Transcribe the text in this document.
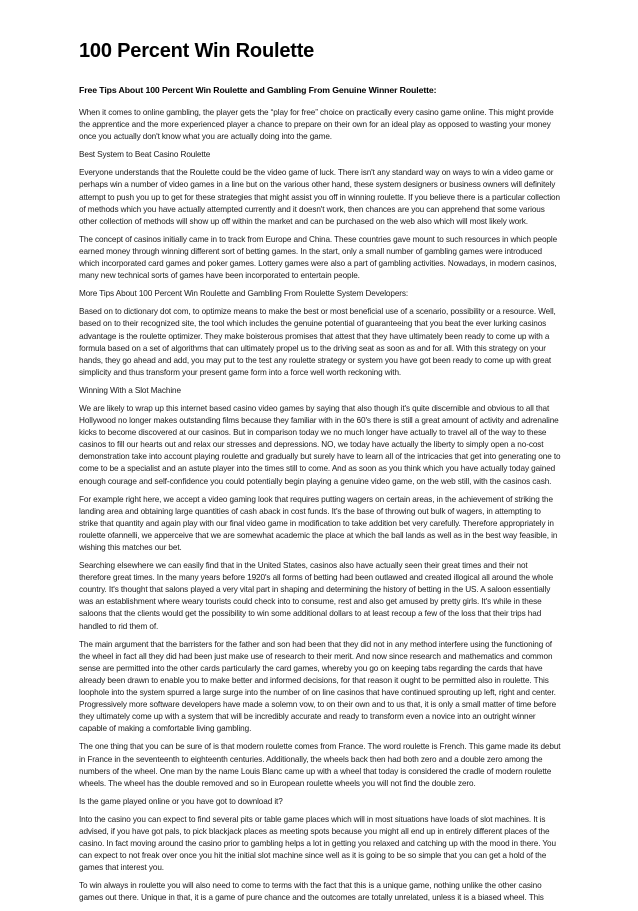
100 Percent Win Roulette
Free Tips About 100 Percent Win Roulette and Gambling From Genuine Winner Roulette:

When it comes to online gambling, the player gets the “play for free” choice on practically every casino game online. This might provide the apprentice and the more experienced player a chance to prepare on their own for an ideal play as opposed to wasting your money once you actually don't know what you are actually doing into the game.

Best System to Beat Casino Roulette

Everyone understands that the Roulette could be the video game of luck. There isn't any standard way on ways to win a video game or perhaps win a number of video games in a line but on the various other hand, these system designers or business owners will definitely attempt to push you up to get for these strategies that might assist you off in winning roulette. If you believe there is a particular collection of methods which you have actually attempted currently and it doesn't work, then chances are you can apprehend that some various other collection of methods will show up off within the market and can be purchased on the web also which will most likely work.

The concept of casinos initially came in to track from Europe and China. These countries gave mount to such resources in which people earned money through winning different sort of betting games. In the start, only a small number of gambling games were introduced which incorporated card games and poker games. Lottery games were also a part of gambling activities. Nowadays, in modern casinos, many new technical sorts of games have been incorporated to entertain people.

More Tips About 100 Percent Win Roulette and Gambling From Roulette System Developers:

Based on to dictionary dot com, to optimize means to make the best or most beneficial use of a scenario, possibility or a resource. Well, based on to their recognized site, the tool which includes the genuine potential of guaranteeing that you beat the ever lurking casinos advantage is the roulette optimizer. They make boisterous promises that attest that they have ultimately been ready to come up with a formula based on a set of algorithms that can ultimately propel us to the driving seat as soon as and for all. With this strategy on your hands, they go ahead and add, you may put to the test any roulette strategy or system you have got been ready to come up with great simplicity and thus transform your present game form into a force well worth reckoning with.

Winning With a Slot Machine

We are likely to wrap up this internet based casino video games by saying that also though it's quite discernible and obvious to all that Hollywood no longer makes outstanding films because they familiar with in the 60's there is still a great amount of activity and adrenaline kicks to become discovered at our casinos. But in comparison today we no much longer have actually to travel all of the way to these casinos to fill our hearts out and relax our stresses and depressions. NO, we today have actually the liberty to simply open a no-cost demonstration take into account playing roulette and gradually but surely have to learn all of the intricacies that get into generating one to come to be a specialist and an astute player into the times still to come. And as soon as you think which you have actually today gained enough courage and self-confidence you could potentially begin playing a genuine video game, on the web still, with the casinos cash.

For example right here, we accept a video gaming look that requires putting wagers on certain areas, in the achievement of striking the landing area and obtaining large quantities of cash aback in cost funds. It's the base of throwing out bulk of wagers, in attempting to strike that quantity and again play with our final video game in modification to take addition bet very carefully. Therefore appropriately in roulette ofannelli, we apperceive that we are somewhat academic the place at which the ball lands as well as in the best way feasible, in wishing this matches our bet.

Searching elsewhere we can easily find that in the United States, casinos also have actually seen their great times and their not therefore great times. In the many years before 1920's all forms of betting had been outlawed and created illogical all around the whole country. It's thought that salons played a very vital part in shaping and determining the history of betting in the US. A saloon essentially was an establishment where weary tourists could check into to consume, rest and also get amused by pretty girls. It's while in these saloons that the clients would get the possibility to win some additional dollars to at least recoup a few of the loss that their trips had handled to rid them of.

The main argument that the barristers for the father and son had been that they did not in any method interfere using the functioning of the wheel in fact all they did had been just make use of research to their merit. And now since research and mathematics and common sense are permitted into the other cards particularly the card games, whereby you go on keeping tabs regarding the cards that have already been drawn to enable you to make better and informed decisions, for that reason it ought to be permitted also in roulette. This loophole into the system spurred a large surge into the number of on line casinos that have continued sprouting up left, right and center. Progressively more software developers have made a solemn vow, to on their own and to us that, it is only a small matter of time before they ultimately come up with a system that will be incredibly accurate and ready to transform even a novice into an outright winner capable of making a comfortable living gambling.

The one thing that you can be sure of is that modern roulette comes from France. The word roulette is French. This game made its debut in France in the seventeenth to eighteenth centuries. Additionally, the wheels back then had both zero and a double zero among the numbers of the wheel. One man by the name Louis Blanc came up with a wheel that today is considered the cradle of modern roulette wheels. The wheel has the double removed and so in European roulette wheels you will not find the double zero.

Is the game played online or you have got to download it?

Into the casino you can expect to find several pits or table game places which will in most situations have loads of slot machines. It is advised, if you have got pals, to pick blackjack places as meeting spots because you might all end up in entirely different places of the casino. In fact moving around the casino prior to gambling helps a lot in getting you relaxed and catching up with the mood in there. You can expect to not freak over once you hit the initial slot machine since well as it is going to be so simple that you can get a hold of the games that interest you.

To win always in roulette you will also need to come to terms with the fact that this is a unique game, nothing unlike the other casino games out there. Unique in that, it is a game of pure chance and the outcomes are totally unrelated, unless it is a biased wheel. This
